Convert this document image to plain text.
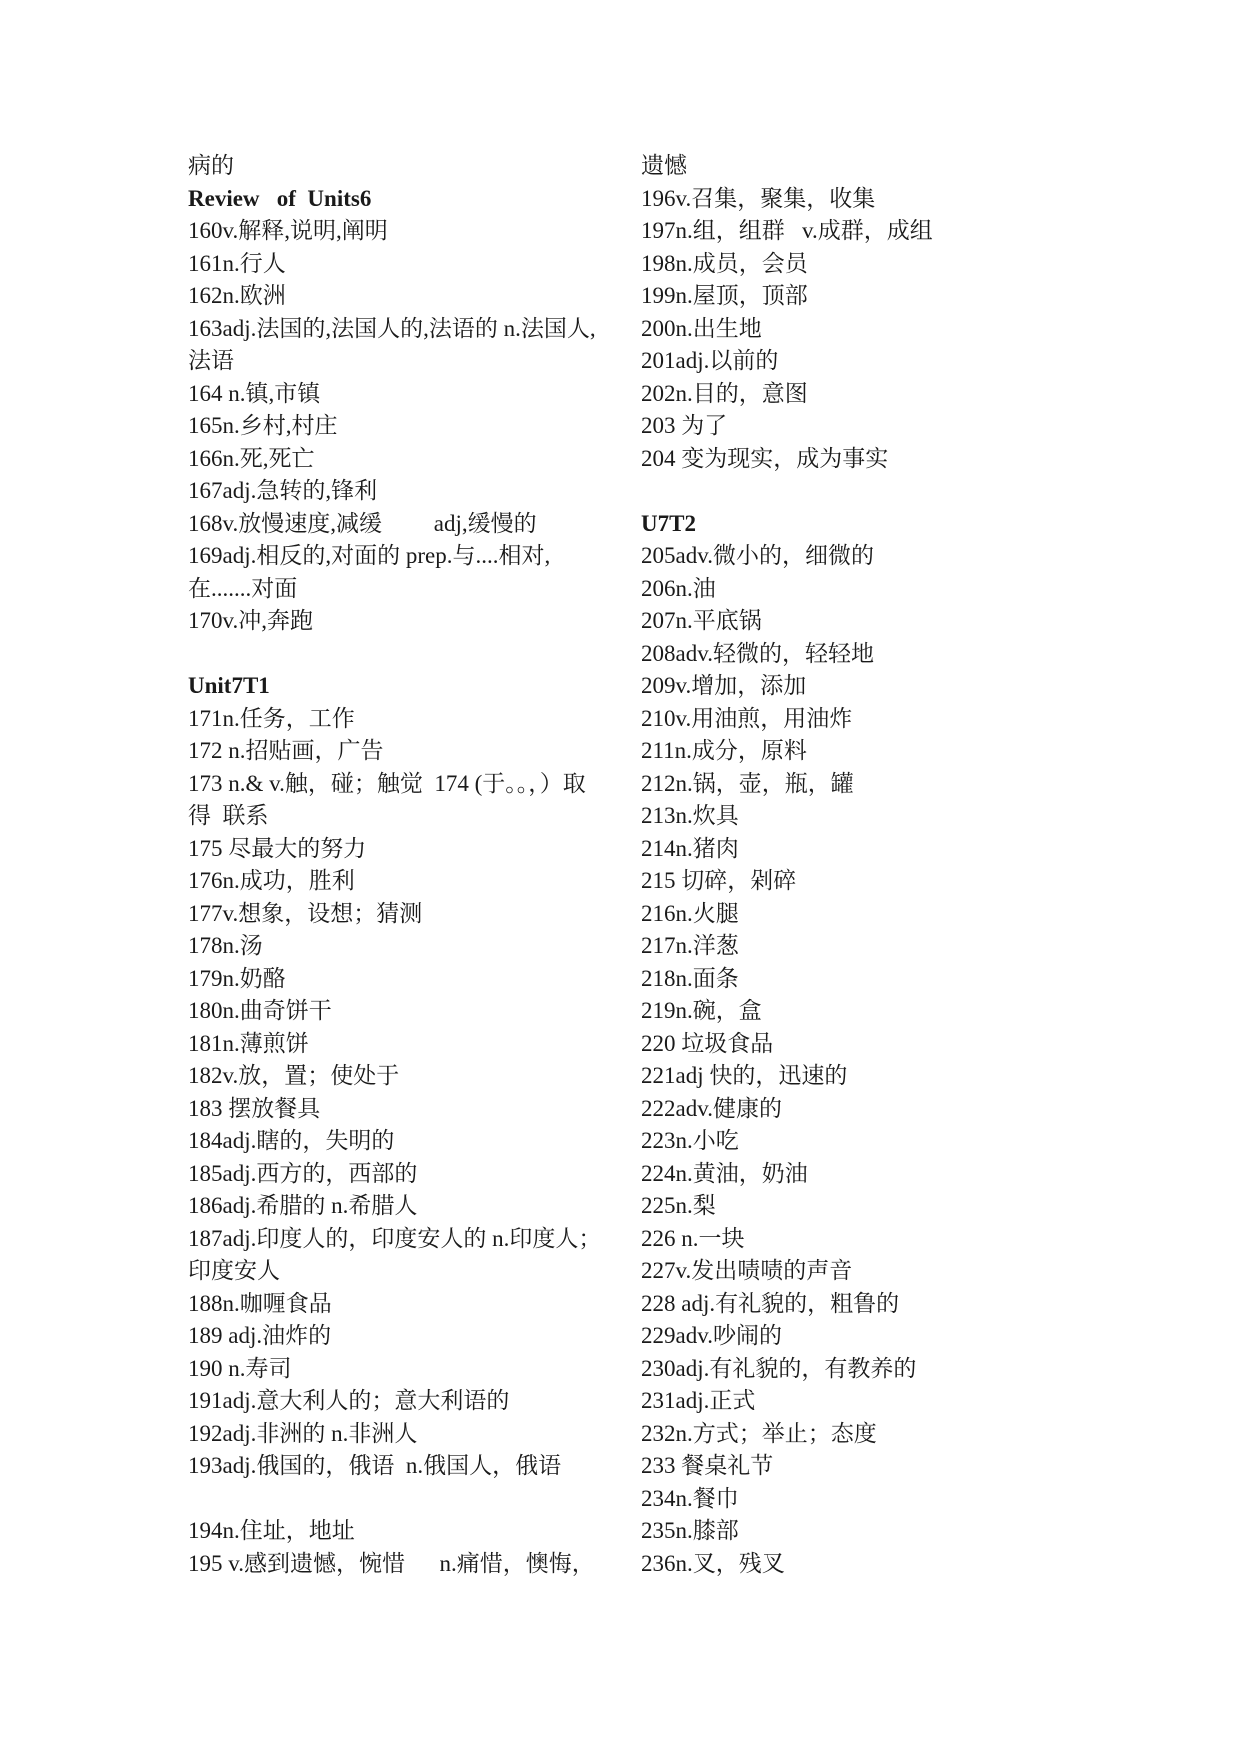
病的
Review   of  Units6
160v.解释,说明,阐明
161n.行人
162n.欧洲
163adj.法国的,法国人的,法语的 n.法国人,法语
164 n.镇,市镇
165n.乡村,村庄
166n.死,死亡
167adj.急转的,锋利
168v.放慢速度,减缓         adj,缓慢的
169adj.相反的,对面的 prep.与....相对,在.......对面
170v.冲,奔跑
Unit7T1
171n.任务，工作
172 n.招贴画，广告
173 n.& v.触，碰；触觉  174 (于。。，）取得  联系
175 尽最大的努力
176n.成功，胜利
177v.想象，设想；猜测
178n.汤
179n.奶酪
180n.曲奇饼干
181n.薄煎饼
182v.放，置；使处于
183 摆放餐具
184adj.瞎的，失明的
185adj.西方的，西部的
186adj.希腊的 n.希腊人
187adj.印度人的，印度安人的 n.印度人；印度安人
188n.咖喱食品
189 adj.油炸的
190 n.寿司
191adj.意大利人的；意大利语的
192adj.非洲的 n.非洲人
193adj.俄国的，俄语  n.俄国人，俄语
194n.住址，地址
195 v.感到遗憾，惋惜      n.痛惜，懊悔，
遗憾
196v.召集，聚集，收集
197n.组，组群   v.成群，成组
198n.成员，会员
199n.屋顶，顶部
200n.出生地
201adj.以前的
202n.目的，意图
203 为了
204 变为现实，成为事实
U7T2
205adv.微小的，细微的
206n.油
207n.平底锅
208adv.轻微的，轻轻地
209v.增加，添加
210v.用油煎，用油炸
211n.成分，原料
212n.锅，壶，瓶，罐
213n.炊具
214n.猪肉
215 切碎，剁碎
216n.火腿
217n.洋葱
218n.面条
219n.碗，盒
220 垃圾食品
221adj 快的，迅速的
222adv.健康的
223n.小吃
224n.黄油，奶油
225n.梨
226 n.一块
227v.发出啧啧的声音
228 adj.有礼貌的，粗鲁的
229adv.吵闹的
230adj.有礼貌的，有教养的
231adj.正式
232n.方式；举止；态度
233 餐桌礼节
234n.餐巾
235n.膝部
236n.叉，残叉
